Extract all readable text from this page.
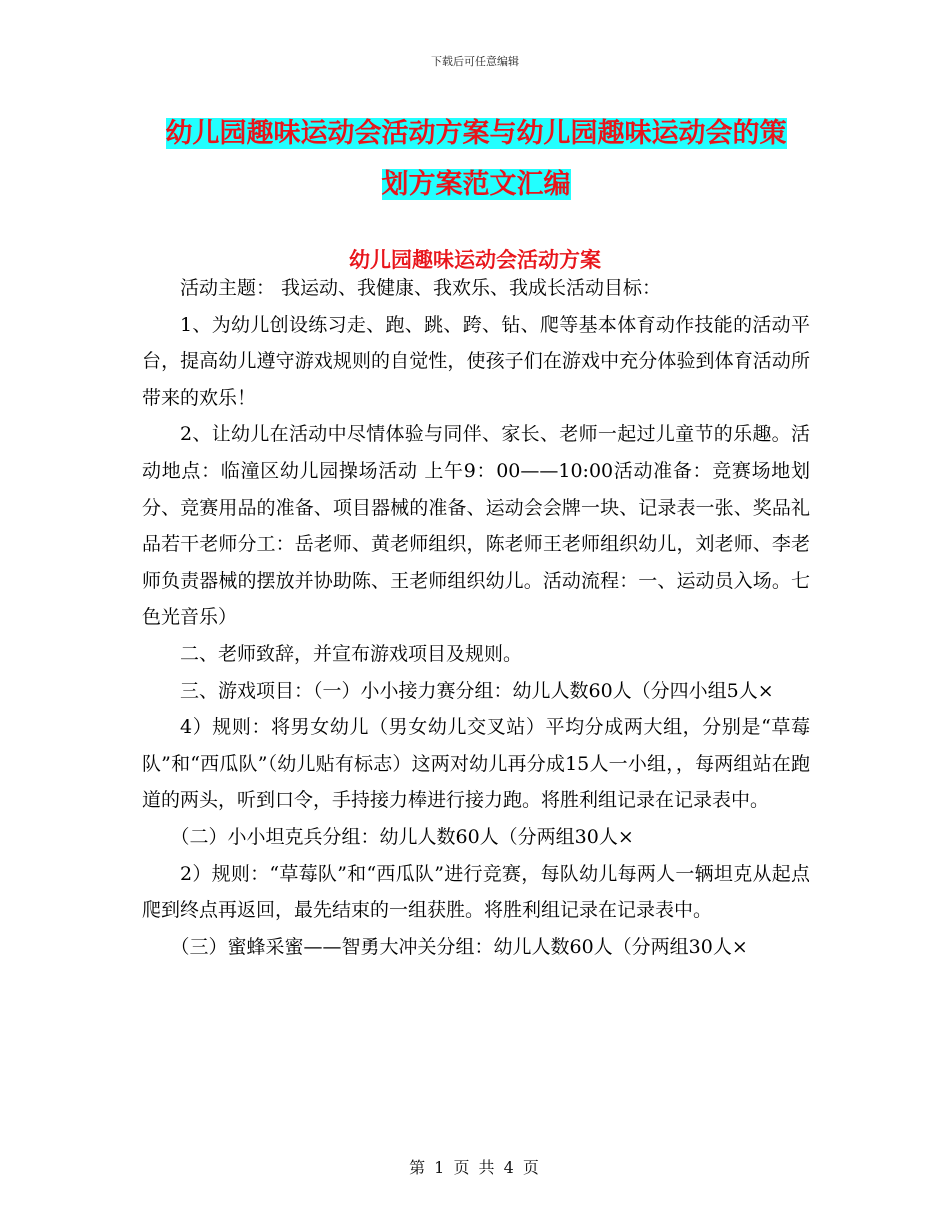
下载后可任意编辑
幼儿园趣味运动会活动方案与幼儿园趣味运动会的策
划方案范文汇编
幼儿园趣味运动会活动方案

活动主题： 我运动、我健康、我欢乐、我成长活动目标：

1、为幼儿创设练习走、跑、跳、跨、钻、爬等基本体育动作技能的活动平台，提高幼儿遵守游戏规则的自觉性，使孩子们在游戏中充分体验到体育活动所带来的欢乐！

2、让幼儿在活动中尽情体验与同伴、家长、老师一起过儿童节的乐趣。活动地点：临潼区幼儿园操场活动 上午9：00——10:00活动准备：竞赛场地划分、竞赛用品的准备、项目器械的准备、运动会会牌一块、记录表一张、奖品礼品若干老师分工：岳老师、黄老师组织，陈老师王老师组织幼儿，刘老师、李老师负责器械的摆放并协助陈、王老师组织幼儿。活动流程：一、运动员入场。七色光音乐）

二、老师致辞，并宣布游戏项目及规则。

三、游戏项目：（一）小小接力赛分组：幼儿人数60人（分四小组5人×

4）规则：将男女幼儿（男女幼儿交叉站）平均分成两大组，分别是“草莓队”和“西瓜队”（幼儿贴有标志）这两对幼儿再分成15人一小组，，每两组站在跑道的两头，听到口令，手持接力棒进行接力跑。将胜利组记录在记录表中。

（二）小小坦克兵分组：幼儿人数60人（分两组30人×

2）规则：“草莓队”和“西瓜队”进行竞赛，每队幼儿每两人一辆坦克从起点爬到终点再返回，最先结束的一组获胜。将胜利组记录在记录表中。

（三）蜜蜂采蜜——智勇大冲关分组：幼儿人数60人（分两组30人×

第 1 页 共 4 页
